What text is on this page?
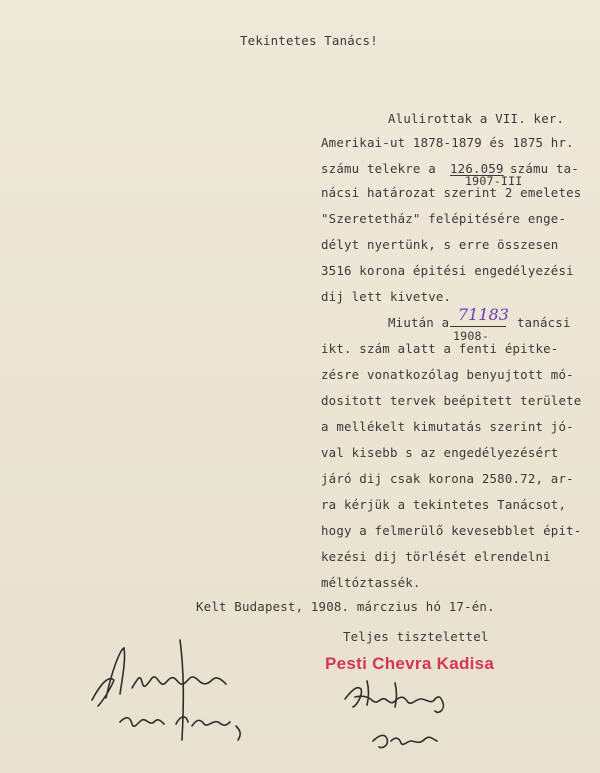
Tekintetes Tanács!
Alulirottak a VII. ker.
Amerikai-ut 1878-1879 és 1875 hr.
számu telekre a 126.059 számu ta-
1907-III
nácsi határozat szerint 2 emeletes
"Szeretetház" felépitésére enge-
délyt nyertünk, s erre összesen
3516 korona épitési engedélyezési
dij lett kivetve.
Miután a 71183 tanácsi
1908-
ikt. szám alatt a fenti épitke-
zésre vonatkozólag benyujtott mó-
dositott tervek beépitett területe
a mellékelt kimutatás szerint jó-
val kisebb s az engedélyezésért
járó dij csak korona 2580.72, ar-
ra kérjük a tekintetes Tanácsot,
hogy a felmerülő kevesebblet épit-
kezési dij törlését elrendelni
méltóztassék.
Kelt Budapest, 1908. márczius hó 17-én.
Teljes tisztelettel
Pesti Chevra Kadisa
